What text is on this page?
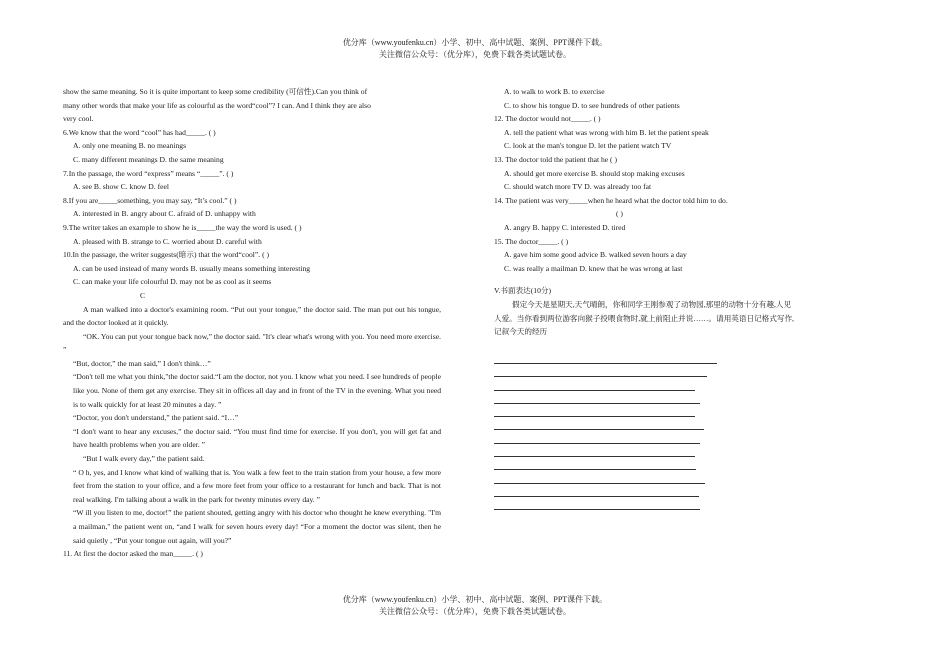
优分库（www.youfenku.cn）小学、初中、高中试题、案例、PPT课件下载。
关注微信公众号：（优分库），免费下载各类试题试卷。
show the same meaning. So it is quite important to keep some credibility (可信性).Can you think of
many other words that make your life as colourful as the word“cool”? I can. And I think they are also
very cool.
6.We know that the word “cool” has had_____. ( )
A. only one meaning B. no meanings
C. many different meanings D. the same meaning
7.In the passage, the word “express” means “_____”. ( )
A. see B. show C. know D. feel
8.If you are_____something, you may say, “It’s cool.” ( )
A. interested in B. angry about C. afraid of D. unhappy with
9.The writer takes an example to show he is_____the way the word is used. ( )
A. pleased with B. strange to C. worried about D. careful with
10.In the passage, the writer suggests(暗示) that the word“cool”. ( )
A. can be used instead of many words B. usually means something interesting
C. can make your life colourful D. may not be as cool as it seems
C
A man walked into a doctor's examining room. “Put out your tongue,” the doctor said. The man put out his tongue, and the doctor looked at it quickly.
“OK. You can put your tongue back now,” the doctor said. "It's clear what's wrong with you. You need more exercise. ”
“But, doctor,” the man said,” I don't think…”
“Don't tell me what you think,"the doctor said.“I am the doctor, not you. I know what you need. I see hundreds of people like you. None of them get any exercise. They sit in offices all day and in front of the TV in the evening. What you need is to walk quickly for at least 20 minutes a day. ”
“Doctor, you don't understand,” the patient said. “I…”
“I don't want to hear any excuses,” the doctor said. “You must find time for exercise. If you don't, you will get fat and have health problems when you are older. ”
“But I walk every day,” the patient said.
“ O h, yes, and I know what kind of walking that is. You walk a few feet to the train station from your house, a few more feet from the station to your office, and a few more feet from your office to a restaurant for lunch and back. That is not real walking. I'm talking about a walk in the park for twenty minutes every day. ”
“W ill you listen to me, doctor!” the patient shouted, getting angry with his doctor who thought he knew everything. "I'm a mailman," the patient went on, “and I walk for seven hours every day! “For a moment the doctor was silent, then he said quietly , “Put your tongue out again, will you?”
11. At first the doctor asked the man_____. ( )
A. to walk to work B. to exercise
C. to show his tongue D. to see hundreds of other patients
12. The doctor would not_____. ( )
A. tell the patient what was wrong with him B. let the patient speak
C. look at the man's tongue D. let the patient watch TV
13. The doctor told the patient that he ( )
A. should get more exercise B. should stop making excuses
C. should watch more TV D. was already too fat
14. The patient was very_____when he heard what the doctor told him to do.
( )
A. angry B. happy C. interested D. tired
15. The doctor_____. ( )
A. gave him some good advice B. walked seven hours a day
C. was really a mailman D. knew that he was wrong at last
V.书面表达(10分)
假定今天是星期天,天气晴朗，你和同学王刚参观了动物园,那里的动物十分有趣,人见人爱。当你看到两位游客向猴子投喂食物时,就上前阻止并说……。请用英语日记格式写作,记叙今天的经历
优分库（www.youfenku.cn）小学、初中、高中试题、案例、PPT课件下载。
关注微信公众号：（优分库），免费下载各类试题试卷。
